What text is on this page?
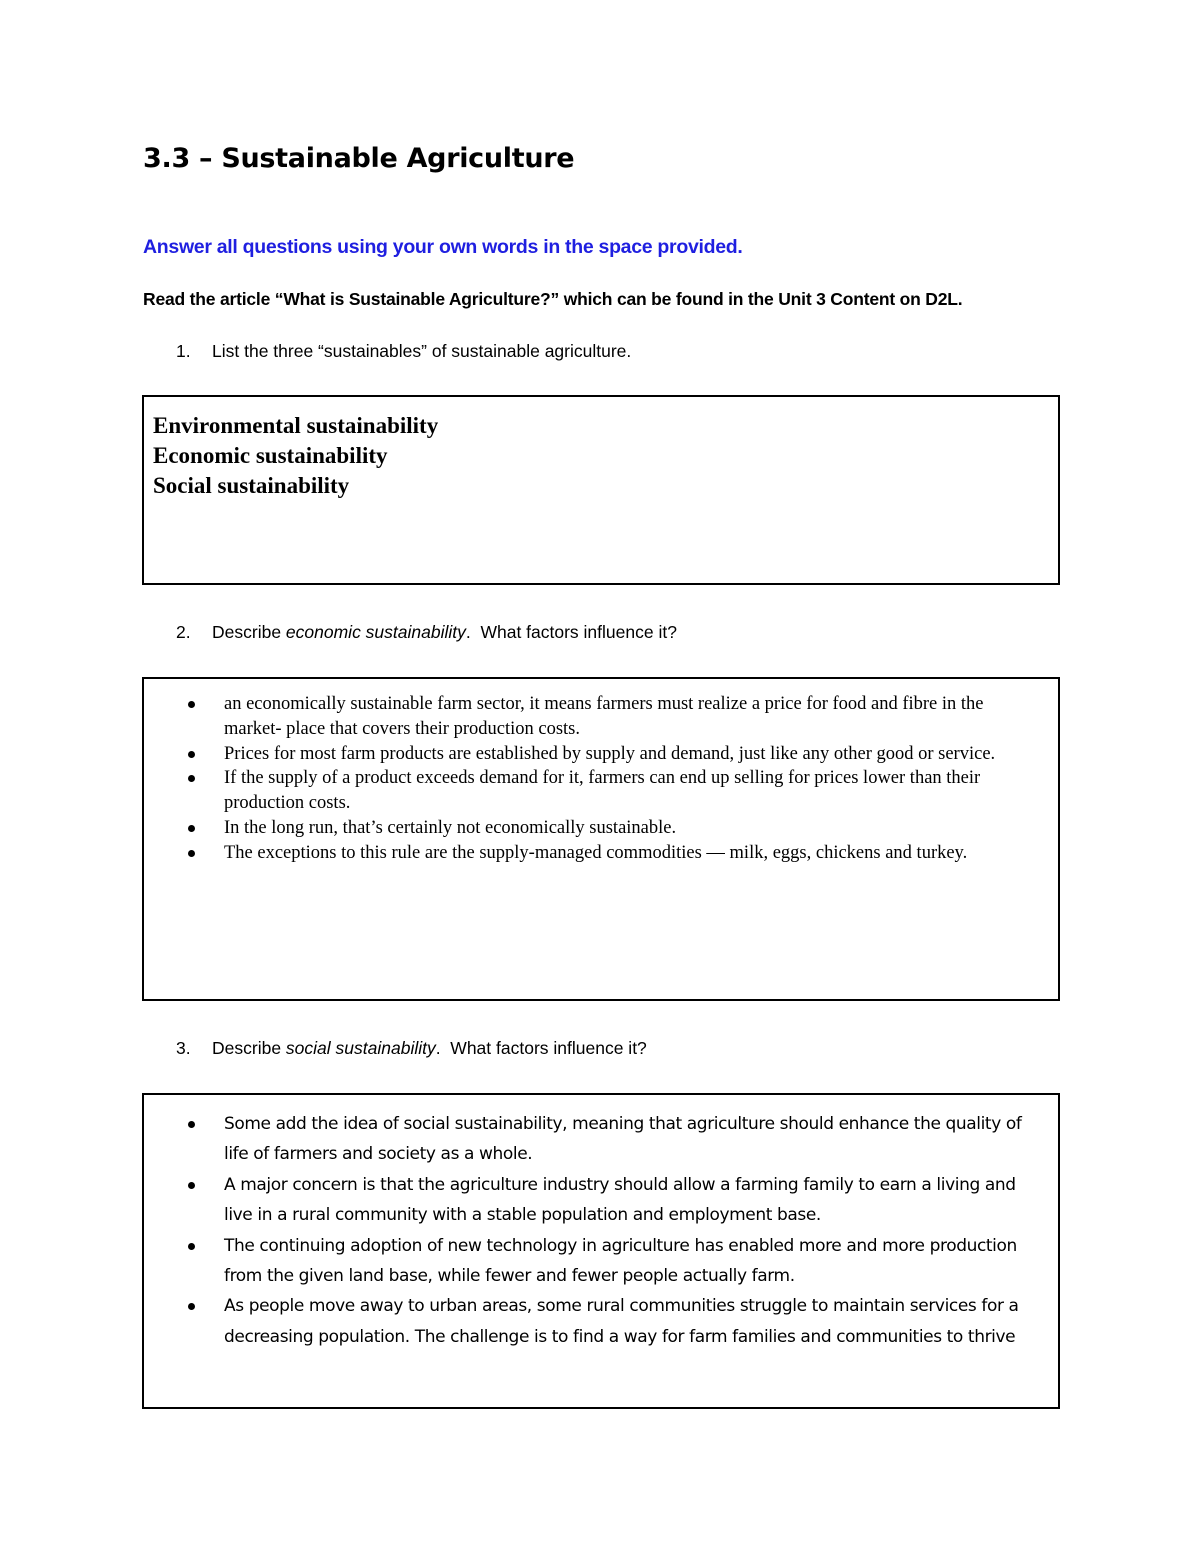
3.3 – Sustainable Agriculture

Answer all questions using your own words in the space provided.

Read the article “What is Sustainable Agriculture?” which can be found in the Unit 3 Content on D2L.

1.	List the three “sustainables” of sustainable agriculture.

Environmental sustainability
Economic sustainability
Social sustainability

2.	Describe economic sustainability.  What factors influence it?

an economically sustainable farm sector, it means farmers must realize a price for food and fibre in the market- place that covers their production costs.
Prices for most farm products are established by supply and demand, just like any other good or service.
If the supply of a product exceeds demand for it, farmers can end up selling for prices lower than their production costs.
In the long run, that’s certainly not economically sustainable.
The exceptions to this rule are the supply-managed commodities — milk, eggs, chickens and turkey.

3.	Describe social sustainability.  What factors influence it?

Some add the idea of social sustainability, meaning that agriculture should enhance the quality of life of farmers and society as a whole.
A major concern is that the agriculture industry should allow a farming family to earn a living and live in a rural community with a stable population and employment base.
The continuing adoption of new technology in agriculture has enabled more and more production from the given land base, while fewer and fewer people actually farm.
As people move away to urban areas, some rural communities struggle to maintain services for a decreasing population. The challenge is to find a way for farm families and communities to thrive
